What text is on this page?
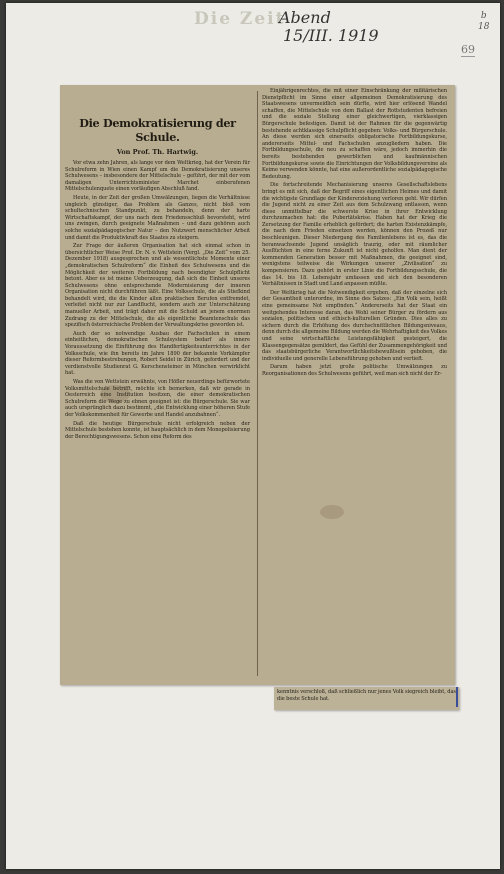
Die Zeit
Abend
15/III. 1919
b
18
69
Die Demokratisierung der Schule.
Von Prof. Th. Hartwig.

Vor etwa zehn Jahren, als lange vor dem Weltkrieg, hat der Verein für Schulreform in Wien einen Kampf um die Demokratisierung unseres Schulwesens – insbesondere der Mittelschule – geführt, der mit der vom damaligen Unterrichtsminister Marchet einberufenen Mittelschulenquete einen vorläufigen Abschluß fand.

Heute, in der Zeit der großen Umwälzungen, liegen die Verhältnisse ungleich günstiger, das Problem als Ganzes, nicht bloß vom schultechnischen Standpunkt, zu behandeln, denn der harte Wirtschaftskampf, der uns nach dem Friedensschluß bevorsteht, wird uns zwingen, durch geeignete Maßnahmen – und dazu gehören auch solche sozialpädagogischer Natur – den Nutzwert menschlicher Arbeit und damit die Produktivkraft des Staates zu steigern.

Zur Frage der äußeren Organisation hat sich einmal schon in übersichtlicher Weise Prof. Dr. N. v. Wettstein (Vergl. „Die Zeit“ vom 25. Dezember 1918) ausgesprochen und als wesentlichste Momente einer „demokratischen Schulreform“ die Einheit des Schulwesens und die Möglichkeit der weiteren Fortbildung nach beendigter Schulpflicht betont. Aber es ist meine Ueberzeugung, daß sich die Einheit unseres Schulwesens ohne entsprechende Modernisierung der inneren Organisation nicht durchführen läßt. Eine Volksschule, die als Stiefkind behandelt wird, die die Kinder allen praktischen Berufen entfremdet, verleitet nicht nur zur Landflucht, sondern auch zur Unterschätzung manueller Arbeit, und trägt daher mit die Schuld an jenem enormen Zudrang zu der Mittelschule, die als eigentliche Beamtenschule das spezifisch österreichische Problem der Verwaltungskrise geworden ist.

Auch der so notwendige Ausbau der Fachschulen in einem einheitlichen, demokratischen Schulsystem bedarf als innere Voraussetzung die Einführung des Handfertigkeitsunterrichtes in der Volksschule, wie ihn bereits im Jahre 1890 der bekannte Vorkämpfer dieser Reformbestrebungen, Robert Seidel in Zürich, gefordert und der verdienstvolle Studienrat G. Kerschensteiner in München verwirklicht hat.

Was die von Wettstein erwähnte, von Höfler neuerdings befürwortete Volksmittelschule betrifft, möchte ich bemerken, daß wir gerade in Oesterreich eine Institution besitzen, die einer demokratischen Schulreform die Wege zu ebnen geeignet ist: die Bürgerschule. Sie war auch ursprünglich dazu bestimmt, „die Entwicklung einer höheren Stufe der Volkskommenheit für Gewerbe und Handel anzubahnen“.

Daß die heutige Bürgerschule nicht erfolgreich neben der Mittelschule bestehen konnte, ist hauptsächlich in dem Monopolisierung der Berechtigungswesens. Schon eine Reform des

Einjährigenrechtes, die mit einer Einschränkung der militärischen Dienstpflicht im Sinne einer allgemeinen Demokratisierung des Staatswesens unvermeidlich sein dürfte, wird hier erlösend Wandel schaffen, die Mittelschule von dem Ballast der Rottstudenten befreien und die soziale Stellung einer gleichwertigen, vierklassigen Bürgerschule befestigen. Damit ist der Rahmen für die gegenwärtig bestehende achtklassige Schulpflicht gegeben: Volks- und Bürgerschule. An diese werden sich einerseits obligatorische Fortbildungskurse, andererseits Mittel- und Fachschulen anzugliedern haben. Die Fortbildungsschule, die neu zu schaffen wäre, jedoch immerhin die bereits bestehenden gewerblichen und kaufmännischen Fortbildungskurse sowie die Einrichtungen der Volksbildungsvereine als Keime verwenden könnte, hat eine außerordentliche sozialpädagogische Bedeutung.

Die fortschreitende Mechanisierung unseres Gesellschaftslebens bringt es mit sich, daß der Begriff eines eigentlichen Heimes und damit die wichtigste Grundlage der Kindererziehung verloren geht. Wir dürfen die Jugend nicht zu einer Zeit aus dem Schulzwang entlassen, wenn diese unmittelbar die schwerste Krise in ihrer Entwicklung durchzumachen hat: die Pubertätskrise. Haben hat der Krieg die Zersetzung der Familie erheblich gefördert; die harten Existenzkämpfe, die nach dem Frieden einsetzen werden, können den Prozeß nur beschleunigen. Dieser Niedergang des Familienlebens ist es, das die heranwachsende Jugend unsäglich traurig, oder mit räumlicher Ausflüchten in eine ferne Zukunft ist nicht geholfen. Man dient der kommenden Generation besser mit Maßnahmen, die geeignet sind, wenigstens teilweise die Wirkungen unserer „Zivilisation“ zu kompensieren. Dazu gehört in erster Linie die Fortbildungsschule, die das 14. bis 18. Lebensjahr umfassen und sich den besonderen Verhältnissen in Stadt und Land anpassen müßte.

Der Weltkrieg hat die Notwendigkeit ergeben, daß der einzelne sich der Gesamtheit unterordne, im Sinne des Satzes: „Ein Volk sein, heißt eine gemeinsame Not empfinden.“ Andererseits hat der Staat ein weitgehendes Interesse daran, das Wohl seiner Bürger zu fördern aus sozialen, politischen und ethisch-kulturellen Gründen. Dies alles zu sichern durch die Erhöhung des durchschnittlichen Bildungsniveaus, denn durch die allgemeine Bildung werden die Wehrhaftigkeit des Volkes und seine wirtschaftliche Leistungsfähigkeit gesteigert, die Klassengegensätze gemildert, das Gefühl der Zusammengehörigkeit und das staatsbürgerliche Verantwortlichkeitsbewußtsein geboben, die individuelle und generelle Lebensführung gehoben und vertieft.

Darum haben jetzt große politische Umwälzungen zu Reorganisationen des Schulwesens geführt, weil man sich nicht der Er-

kenntnis verschloß, daß schließlich nur jenes Volk siegreich bleibt, das die beste Schule hat.
